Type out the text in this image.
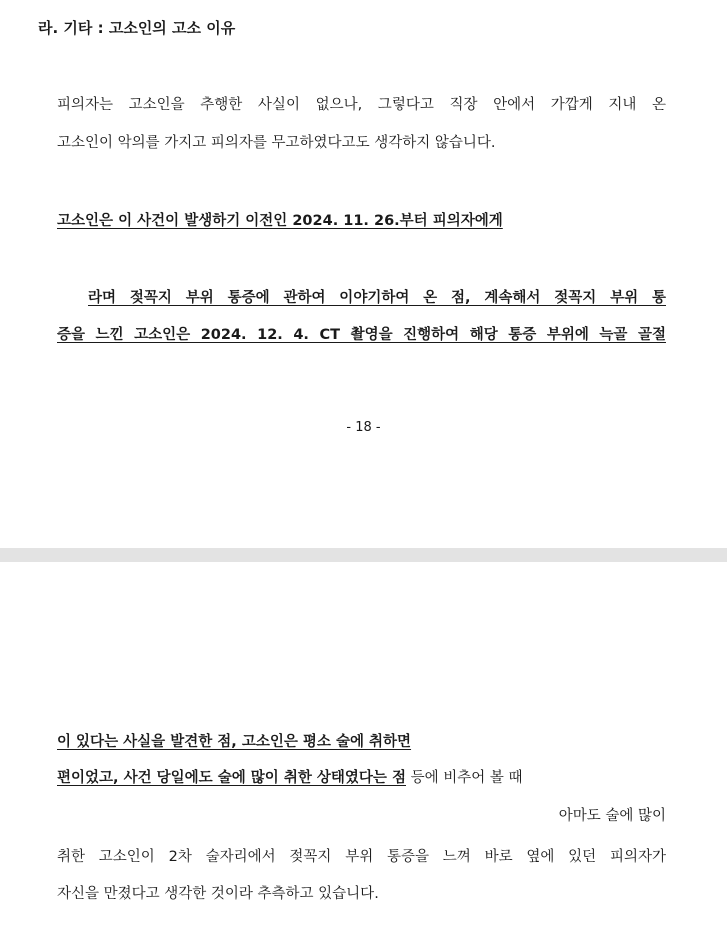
라. 기타 : 고소인의 고소 이유
피의자는 고소인을 추행한 사실이 없으나, 그렇다고 직장 안에서 가깝게 지내 온
고소인이 악의를 가지고 피의자를 무고하였다고도 생각하지 않습니다.
고소인은 이 사건이 발생하기 이전인 2024. 11. 26.부터 피의자에게
라며 젖꼭지 부위 통증에 관하여 이야기하여 온 점, 계속해서 젖꼭지 부위 통
증을 느낀 고소인은 2024. 12. 4. CT 촬영을 진행하여 해당 통증 부위에 늑골 골절
- 18 -
이 있다는 사실을 발견한 점, 고소인은 평소 술에 취하면
편이었고, 사건 당일에도 술에 많이 취한 상태였다는 점 등에 비추어 볼 때
아마도 술에 많이
취한 고소인이 2차 술자리에서 젖꼭지 부위 통증을 느껴 바로 옆에 있던 피의자가
자신을 만졌다고 생각한 것이라 추측하고 있습니다.
